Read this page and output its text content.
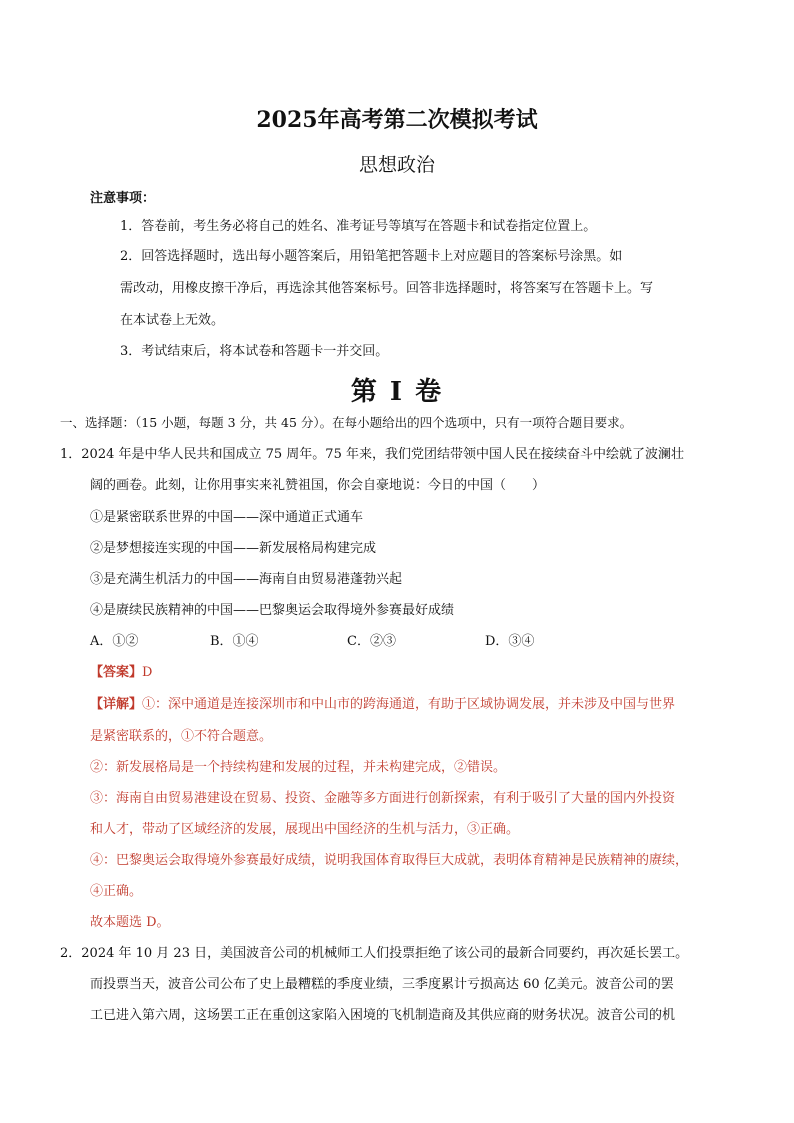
2025年高考第二次模拟考试
思想政治
注意事项：
1．答卷前，考生务必将自己的姓名、准考证号等填写在答题卡和试卷指定位置上。
2．回答选择题时，选出每小题答案后，用铅笔把答题卡上对应题目的答案标号涂黑。如
需改动，用橡皮擦干净后，再选涂其他答案标号。回答非选择题时，将答案写在答题卡上。写
在本试卷上无效。
3．考试结束后，将本试卷和答题卡一并交回。
第 I 卷
一、选择题：（15 小题，每题 3 分，共 45 分）。在每小题给出的四个选项中，只有一项符合题目要求。
1．2024 年是中华人民共和国成立 75 周年。75 年来，我们党团结带领中国人民在接续奋斗中绘就了波澜壮
阔的画卷。此刻，让你用事实来礼赞祖国，你会自豪地说：今日的中国（　　）
①是紧密联系世界的中国——深中通道正式通车
②是梦想接连实现的中国——新发展格局构建完成
③是充满生机活力的中国——海南自由贸易港蓬勃兴起
④是赓续民族精神的中国——巴黎奥运会取得境外参赛最好成绩
A．①②	B．①④	C．②③	D．③④
【答案】D
【详解】①：深中通道是连接深圳市和中山市的跨海通道，有助于区域协调发展，并未涉及中国与世界
是紧密联系的，①不符合题意。
②：新发展格局是一个持续构建和发展的过程，并未构建完成，②错误。
③：海南自由贸易港建设在贸易、投资、金融等多方面进行创新探索，有利于吸引了大量的国内外投资
和人才，带动了区域经济的发展，展现出中国经济的生机与活力，③正确。
④：巴黎奥运会取得境外参赛最好成绩，说明我国体育取得巨大成就，表明体育精神是民族精神的赓续，
④正确。
故本题选 D。
2．2024 年 10 月 23 日，美国波音公司的机械师工人们投票拒绝了该公司的最新合同要约，再次延长罢工。
而投票当天，波音公司公布了史上最糟糕的季度业绩，三季度累计亏损高达 60 亿美元。波音公司的罢
工已进入第六周，这场罢工正在重创这家陷入困境的飞机制造商及其供应商的财务状况。波音公司的机
